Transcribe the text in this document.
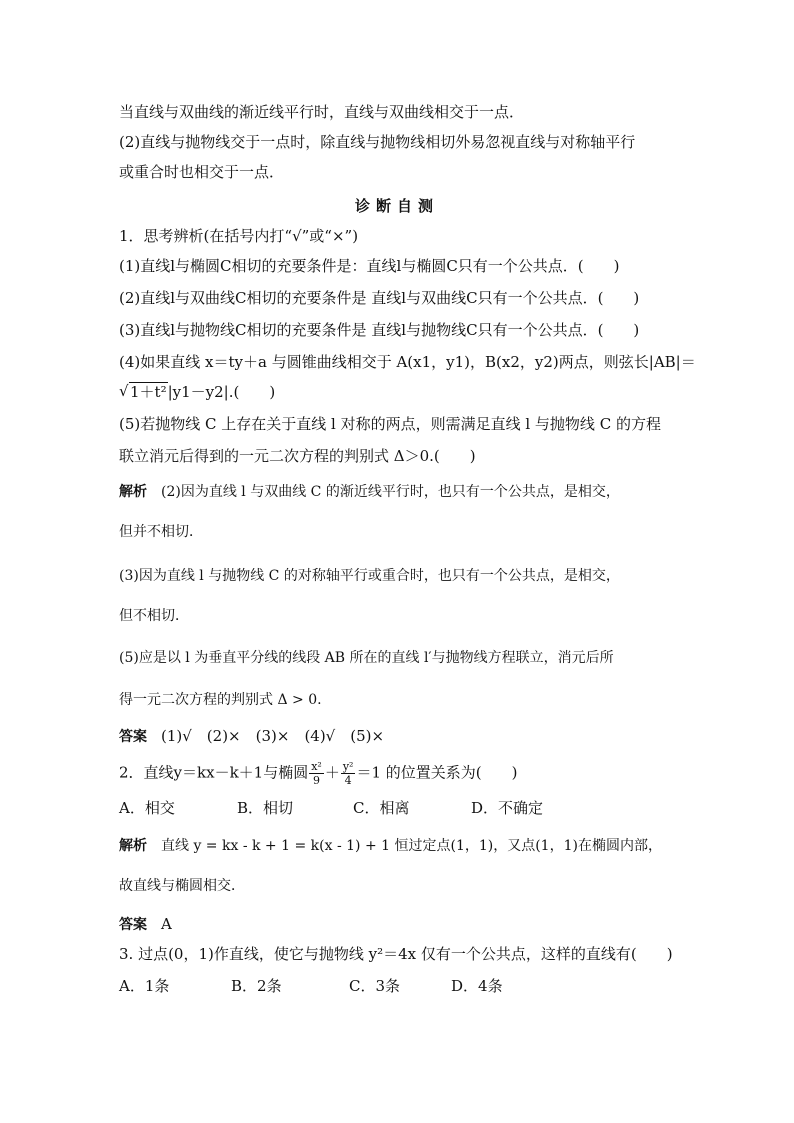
当直线与双曲线的渐近线平行时，直线与双曲线相交于一点．
(2)直线与抛物线交于一点时，除直线与抛物线相切外易忽视直线与对称轴平行
或重合时也相交于一点．
诊断自测
1．思考辨析(在括号内打“√”或“×”)
(1)直线l与椭圆C相切的充要条件是：直线l与椭圆C只有一个公共点．(　　)
(2)直线l与双曲线C相切的充要条件是 直线l与双曲线C只有一个公共点．(　　)
(3)直线l与抛物线C相切的充要条件是 直线l与抛物线C只有一个公共点．(　　)
(4)如果直线 x＝ty＋a 与圆锥曲线相交于 A(x1，y1)，B(x2，y2)两点，则弦长|AB|＝
√ 1＋t²|y1－y2|.(　　)
(5)若抛物线 C 上存在关于直线 l 对称的两点，则需满足直线 l 与抛物线 C 的方程
联立消元后得到的一元二次方程的判别式 Δ＞0.(　　)
解析 (2)因为直线 l 与双曲线 C 的渐近线平行时，也只有一个公共点，是相交，
但并不相切．
(3)因为直线 l 与抛物线 C 的对称轴平行或重合时，也只有一个公共点，是相交，
但不相切．
(5)应是以 l 为垂直平分线的线段 AB 所在的直线 l′与抛物线方程联立，消元后所
得一元二次方程的判别式 Δ > 0.
答案 (1)√　(2)×　(3)×　(4)√　(5)×
2．直线y＝kx－k＋1与椭圆 $\frac{\text{x²}}{9} + \frac{\text{y²}}{4} =1$ 的位置关系为(　　)
A．相交	B．相切	C．相离	D．不确定
解析 直线 y = kx - k + 1 = k(x - 1) + 1 恒过定点(1，1)，又点(1，1)在椭圆内部，
故直线与椭圆相交．
答案 A
3. 过点(0，1)作直线，使它与抛物线 y²＝4x 仅有一个公共点，这样的直线有(　　)
A．1条	B．2条	C．3条	D．4条
